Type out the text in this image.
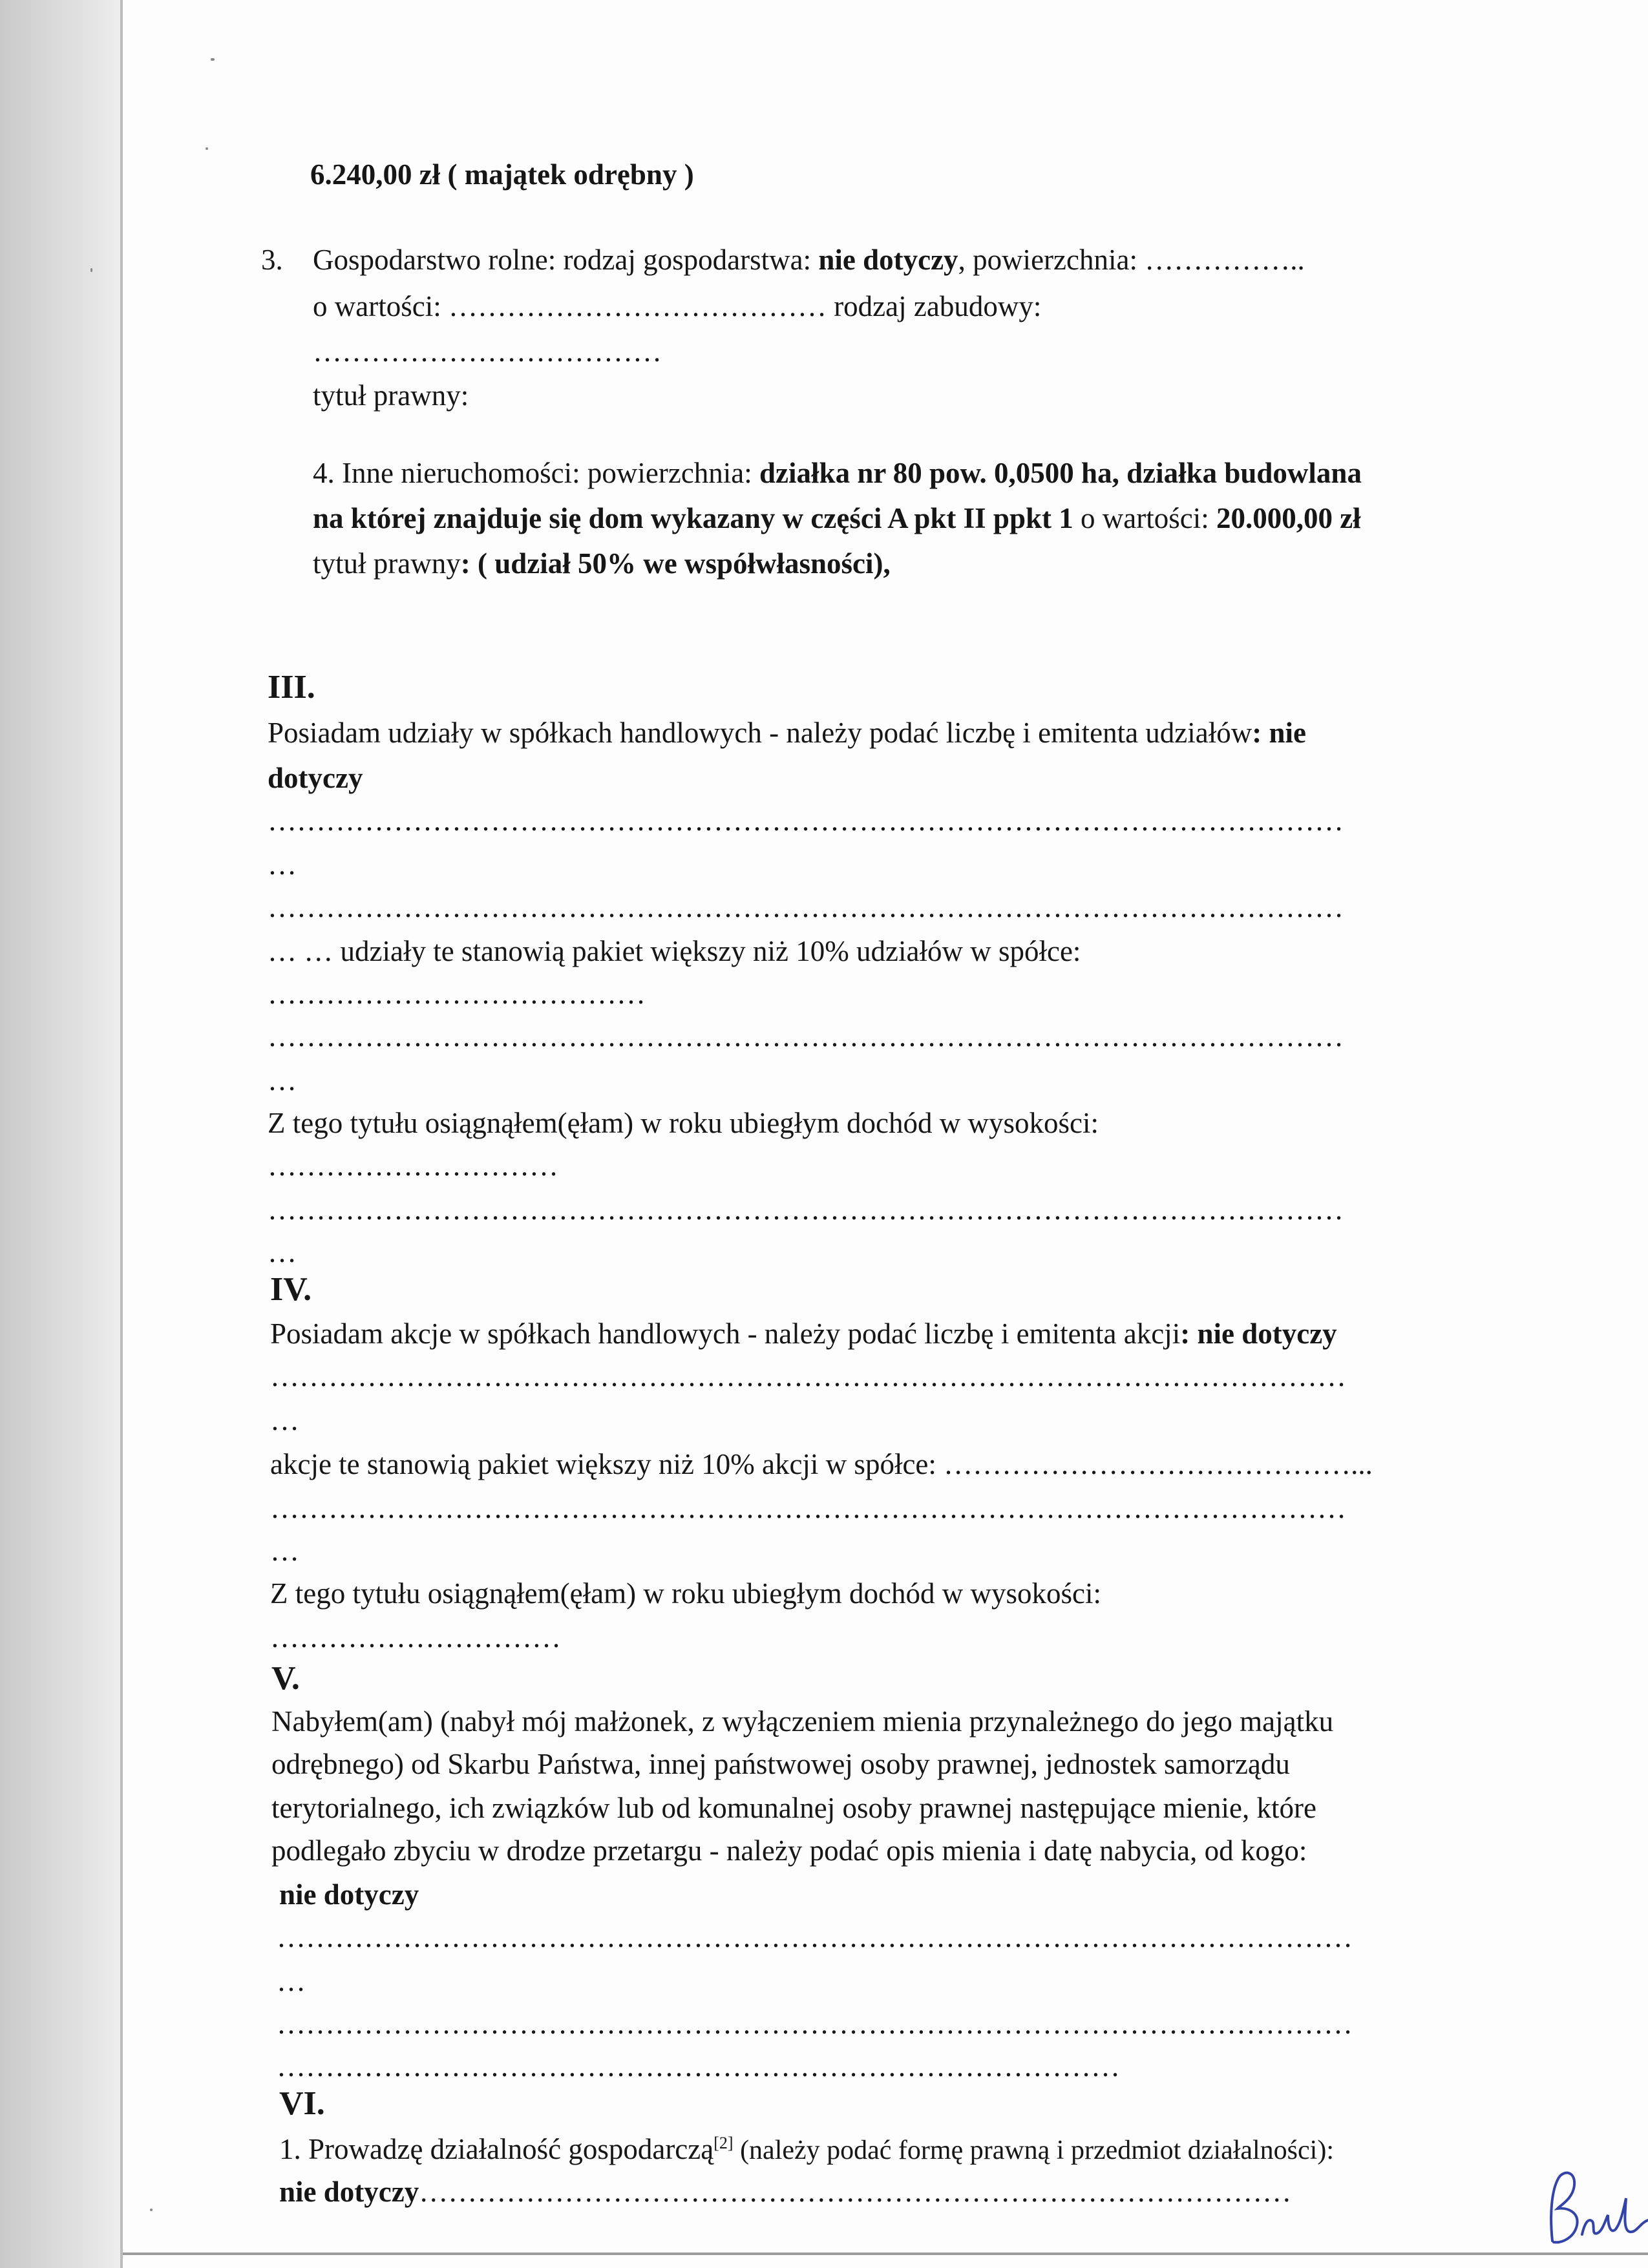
6.240,00 zł ( majątek odrębny )
3. Gospodarstwo rolne: rodzaj gospodarstwa: nie dotyczy, powierzchnia: ……………..
o wartości: ………………………………… rodzaj zabudowy:
………………………………
tytuł prawny:
4. Inne nieruchomości: powierzchnia: działka nr 80 pow. 0,0500 ha, działka budowlana
na której znajduje się dom wykazany w części A pkt II ppkt 1 o wartości: 20.000,00 zł
tytuł prawny: ( udział 50% we współwłasności),
III.
Posiadam udziały w spółkach handlowych - należy podać liczbę i emitenta udziałów: nie
dotyczy
…………………………………………………………………………………………………
…
…………………………………………………………………………………………………
… … udziały te stanowią pakiet większy niż 10% udziałów w spółce:
…………………………………
…………………………………………………………………………………………………
…
Z tego tytułu osiągnąłem(ęłam) w roku ubiegłym dochód w wysokości:
…………………………
…………………………………………………………………………………………………
…
IV.
Posiadam akcje w spółkach handlowych - należy podać liczbę i emitenta akcji: nie dotyczy
…………………………………………………………………………………………………
…
akcje te stanowią pakiet większy niż 10% akcji w spółce: ……………………………………...
…………………………………………………………………………………………………
…
Z tego tytułu osiągnąłem(ęłam) w roku ubiegłym dochód w wysokości:
…………………………
V.
Nabyłem(am) (nabył mój małżonek, z wyłączeniem mienia przynależnego do jego majątku
odrębnego) od Skarbu Państwa, innej państwowej osoby prawnej, jednostek samorządu
terytorialnego, ich związków lub od komunalnej osoby prawnej następujące mienie, które
podlegało zbyciu w drodze przetargu - należy podać opis mienia i datę nabycia, od kogo:
nie dotyczy
…………………………………………………………………………………………………
…
…………………………………………………………………………………………………
……………………………………………………………………………
VI.
1. Prowadzę działalność gospodarczą[2] (należy podać formę prawną i przedmiot działalności):
nie dotyczy………………………………………………………………………………
